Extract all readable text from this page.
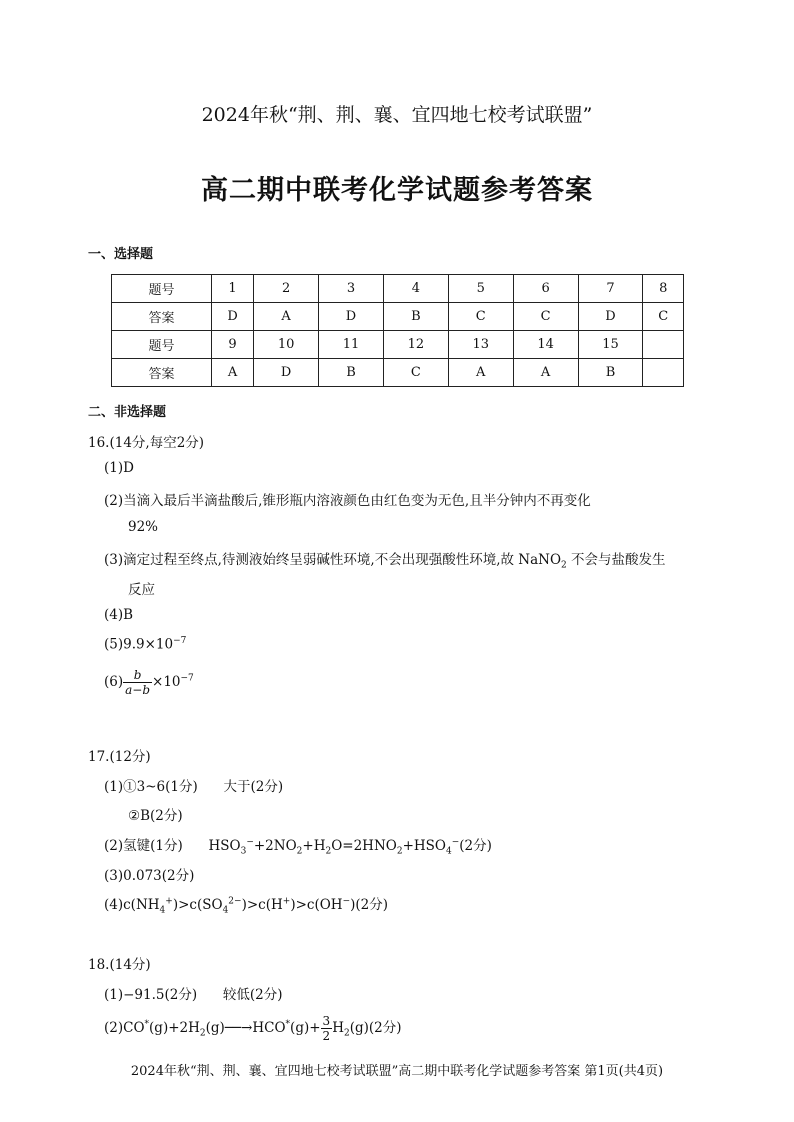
2024年秋“荆、荆、襄、宜四地七校考试联盟”
高二期中联考化学试题参考答案
一、选择题
题号	1	2	3	4	5	6	7	8
答案	D	A	D	B	C	C	D	C
题号	9	10	11	12	13	14	15	
答案	A	D	B	C	A	A	B	
二、非选择题
16.(14分,每空2分)
(1)D
(2)当滴入最后半滴盐酸后,锥形瓶内溶液颜色由红色变为无色,且半分钟内不再变化
92%
(3)滴定过程至终点,待测液始终呈弱碱性环境,不会出现强酸性环境,故 NaNO$_2$ 不会与盐酸发生
反应
(4)B
$(5)9.9\times 10^{-7}$
$(6) \frac{b}{a-b} \times 10^{-7}$
17.(12分)
(1)①3~6(1分)      大于(2分)
②B(2分)
(2)氢键(1分)      $HSO_3^-+2NO_2+H_2O=2HNO_2+HSO_4^-(2$分)
(3)0.073(2分)
$(4)c(NH_4^+)>c(SO_4^{2-})>c(H^+)>c(OH^-)(2$分)
18.(14分)
(1)−91.5(2分)      较低(2分)
$(2)CO^*(g)+2H_2(g)──\to HCO^*(g)+ \frac{3}{2} H_2(g)(2$分)
2024年秋“荆、荆、襄、宜四地七校考试联盟”高二期中联考化学试题参考答案 第1页(共4页)
